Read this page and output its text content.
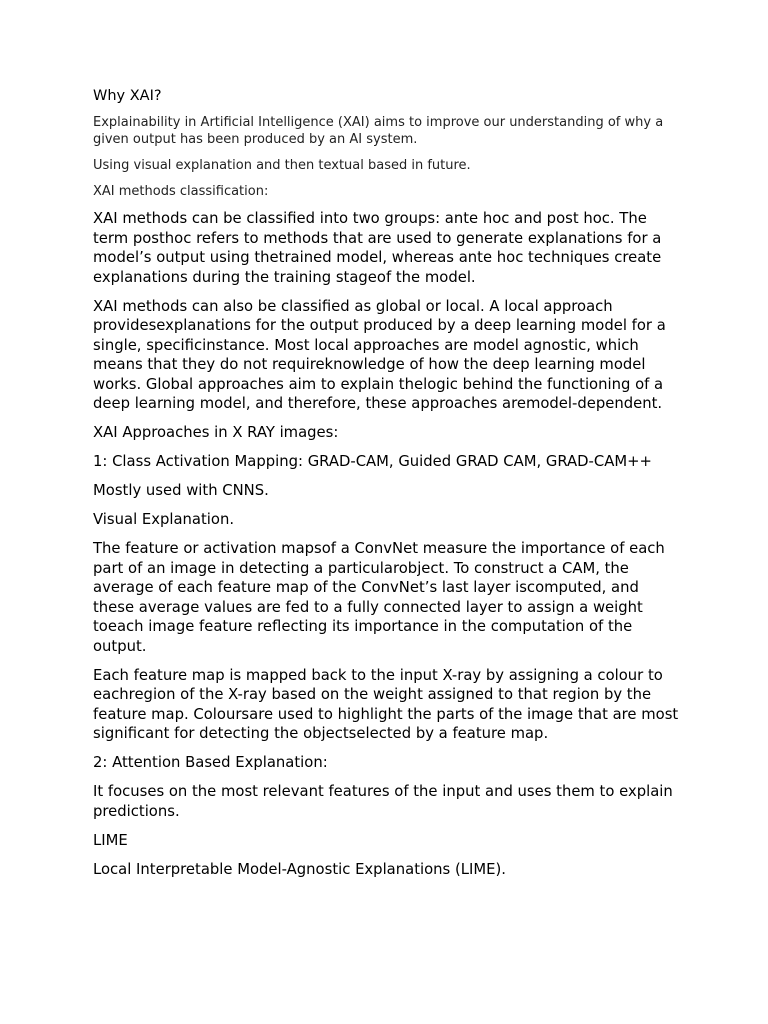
Why XAI?

Explainability in Artificial Intelligence (XAI) aims to improve our understanding of why a given output has been produced by an AI system.

Using visual explanation and then textual based in future.

XAI methods classification:

XAI methods can be classified into two groups: ante hoc and post hoc. The term posthoc refers to methods that are used to generate explanations for a model’s output using thetrained model, whereas ante hoc techniques create explanations during the training stageof the model.

XAI methods can also be classified as global or local. A local approach providesexplanations for the output produced by a deep learning model for a single, specificinstance. Most local approaches are model agnostic, which means that they do not requireknowledge of how the deep learning model works. Global approaches aim to explain thelogic behind the functioning of a deep learning model, and therefore, these approaches aremodel-dependent.

XAI Approaches in X RAY images:

1: Class Activation Mapping: GRAD-CAM, Guided GRAD CAM, GRAD-CAM++

Mostly used with CNNS.

Visual Explanation.

The feature or activation mapsof a ConvNet measure the importance of each part of an image in detecting a particularobject. To construct a CAM, the average of each feature map of the ConvNet’s last layer iscomputed, and these average values are fed to a fully connected layer to assign a weight toeach image feature reflecting its importance in the computation of the output.

Each feature map is mapped back to the input X-ray by assigning a colour to eachregion of the X-ray based on the weight assigned to that region by the feature map. Coloursare used to highlight the parts of the image that are most significant for detecting the objectselected by a feature map.

2: Attention Based Explanation:

It focuses on the most relevant features of the input and uses them to explain predictions.

LIME

Local Interpretable Model-Agnostic Explanations (LIME).
